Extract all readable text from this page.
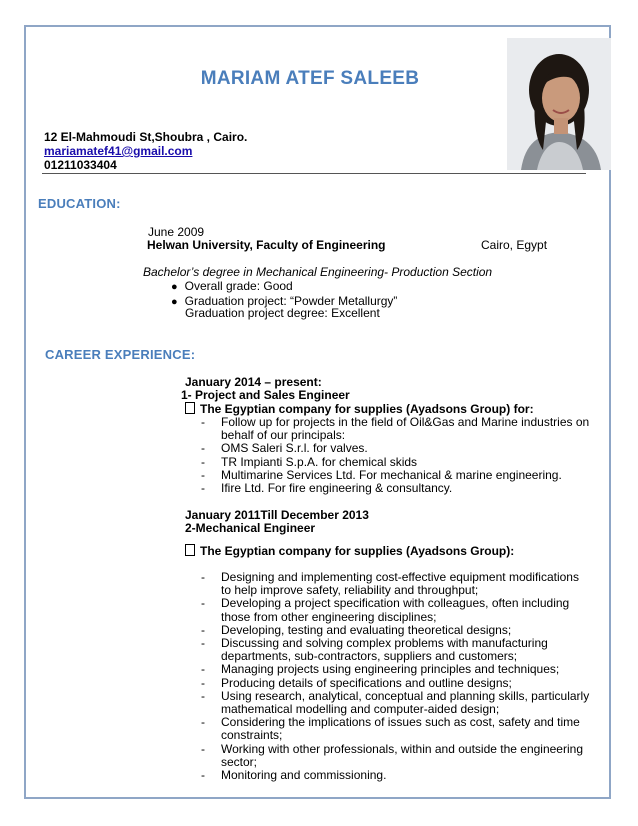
MARIAM ATEF SALEEB
12 El-Mahmoudi St,Shoubra , Cairo.
mariamatef41@gmail.com
01211033404
EDUCATION:
June 2009
Helwan University, Faculty of Engineering	Cairo, Egypt
Bachelor’s degree in Mechanical Engineering- Production Section
● Overall grade: Good
● Graduation project: “Powder Metallurgy”
Graduation project degree: Excellent
CAREER EXPERIENCE:
January 2014 – present:
1- Project and Sales Engineer
The Egyptian company for supplies (Ayadsons Group) for:
- Follow up for projects in the field of Oil&Gas and Marine industries on behalf of our principals:
- OMS Saleri S.r.l. for valves.
- TR Impianti S.p.A. for chemical skids
- Multimarine Services Ltd. For mechanical & marine engineering.
- Ifire Ltd. For fire engineering & consultancy.
January 2011Till December 2013
2-Mechanical Engineer
The Egyptian company for supplies (Ayadsons Group):
- Designing and implementing cost-effective equipment modifications to help improve safety, reliability and throughput;
- Developing a project specification with colleagues, often including those from other engineering disciplines;
- Developing, testing and evaluating theoretical designs;
- Discussing and solving complex problems with manufacturing departments, sub-contractors, suppliers and customers;
- Managing projects using engineering principles and techniques;
- Producing details of specifications and outline designs;
- Using research, analytical, conceptual and planning skills, particularly mathematical modelling and computer-aided design;
- Considering the implications of issues such as cost, safety and time constraints;
- Working with other professionals, within and outside the engineering sector;
- Monitoring and commissioning.
